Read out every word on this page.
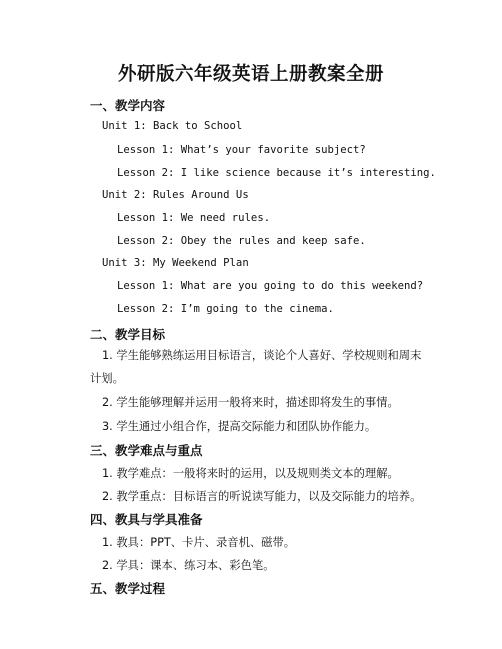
外研版六年级英语上册教案全册
一、教学内容
Unit 1: Back to School
Lesson 1: What’s your favorite subject?
Lesson 2: I like science because it’s interesting.
Unit 2: Rules Around Us
Lesson 1: We need rules.
Lesson 2: Obey the rules and keep safe.
Unit 3: My Weekend Plan
Lesson 1: What are you going to do this weekend?
Lesson 2: I’m going to the cinema.
二、教学目标
1. 学生能够熟练运用目标语言，谈论个人喜好、学校规则和周末计划。
2. 学生能够理解并运用一般将来时，描述即将发生的事情。
3. 学生通过小组合作，提高交际能力和团队协作能力。
三、教学难点与重点
1. 教学难点：一般将来时的运用，以及规则类文本的理解。
2. 教学重点：目标语言的听说读写能力，以及交际能力的培养。
四、教具与学具准备
1. 教具：PPT、卡片、录音机、磁带。
2. 学具：课本、练习本、彩色笔。
五、教学过程
